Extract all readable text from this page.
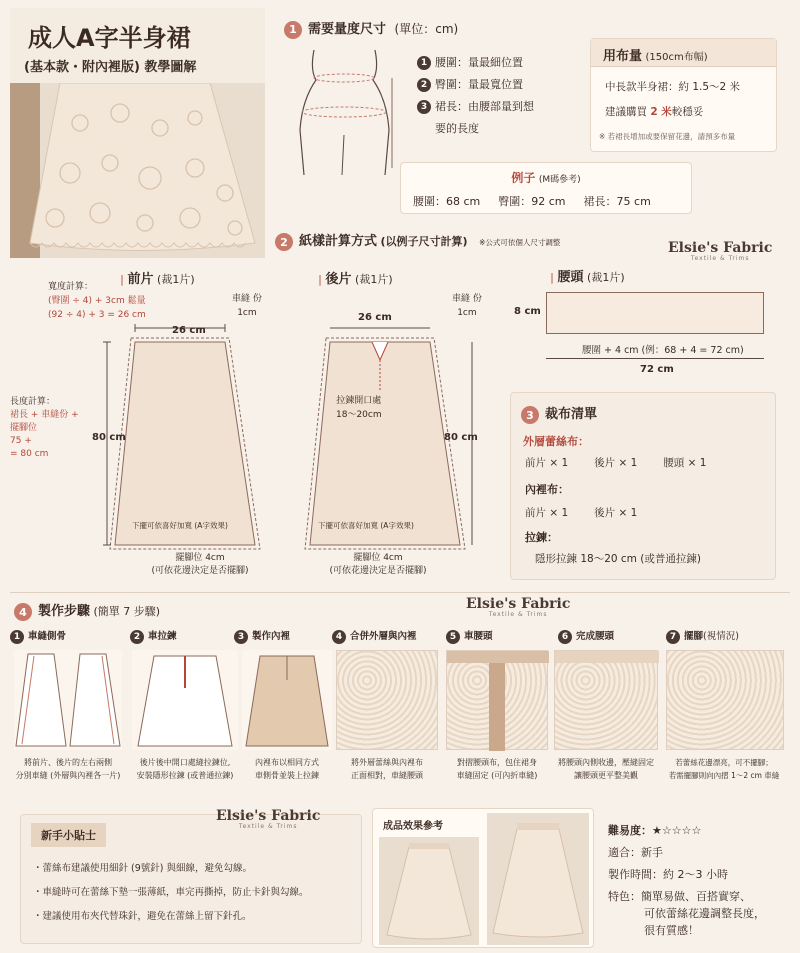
成人A字半身裙
(基本款・附內裡版) 教學圖解
1 需要量度尺寸 (單位：cm)
1 腰圍：量最細位置
2 臀圍：量最寬位置
3 裙長：由腰部量到想
要的長度
例子 (M碼參考)
腰圍：68 cm 臀圍：92 cm 裙長：75 cm
用布量 (150cm布幅)
中長款半身裙：約 1.5～2 米
建議購買 2 米較穩妥
※ 若裙長增加或要保留花邊，請預多布量
2 紙樣計算方式 (以例子尺寸計算) ※公式可依個人尺寸調整	Elsie's Fabric
Textile & Trims
| 前片 (裁1片)
寬度計算：
(臀圍 ÷ 4) + 3cm 鬆量
(92 ÷ 4) + 3 = 26 cm
車縫 份
1cm
長度計算：
裙長 + 車縫份 +
擺腳位
75 +
= 80 cm
26 cm
80 cm
下擺可依喜好加寬 (A字效果)
擺腳位 4cm
(可依花邊決定是否擺腳)
| 後片 (裁1片)
車縫 份
1cm
26 cm
拉鍊開口處
18～20cm
80 cm
下擺可依喜好加寬 (A字效果)
擺腳位 4cm
(可依花邊決定是否擺腳)
| 腰頭 (裁1片)
8 cm
腰圍 + 4 cm (例：68 + 4 = 72 cm)
72 cm
3 裁布清單
外層蕾絲布：
前片 × 1 後片 × 1 腰頭 × 1
內裡布：
前片 × 1 後片 × 1
拉鍊：
隱形拉鍊 18～20 cm (或普通拉鍊)
4 製作步驟 (簡單 7 步驟)	Elsie's Fabric
Textile & Trims
1 車縫側骨
將前片、後片的左右兩側
分別車縫 (外層與內裡各一片)
2 車拉鍊
後片後中開口處縫拉鍊位,
安裝隱形拉鍊 (或普通拉鍊)
3 製作內裡
內裡布以相同方式
車側骨並裝上拉鍊
4 合併外層與內裡
將外層蕾絲與內裡布
正面相對，車縫腰頭
5 車腰頭
對摺腰頭布，包住裙身
車縫固定 (可內折車縫)
6 完成腰頭
將腰頭內側收邊，壓縫固定
讓腰頭更平整美觀
7 擺腳(視情況)
若蕾絲花邊漂亮，可不擺腳；
若需擺腳則向內摺 1～2 cm 車縫
新手小貼士
・蕾絲布建議使用細針 (9號針) 與細線，避免勾線。
・車縫時可在蕾絲下墊一張薄紙，車完再撕掉，防止卡針與勾線。
・建議使用布夾代替珠針，避免在蕾絲上留下針孔。
Elsie's Fabric
Textile & Trims	成品效果參考	難易度：★☆☆☆☆
適合：新手
製作時間：約 2～3 小時
特色：簡單易做、百搭實穿、
可依蕾絲花邊調整長度，
很有質感！
